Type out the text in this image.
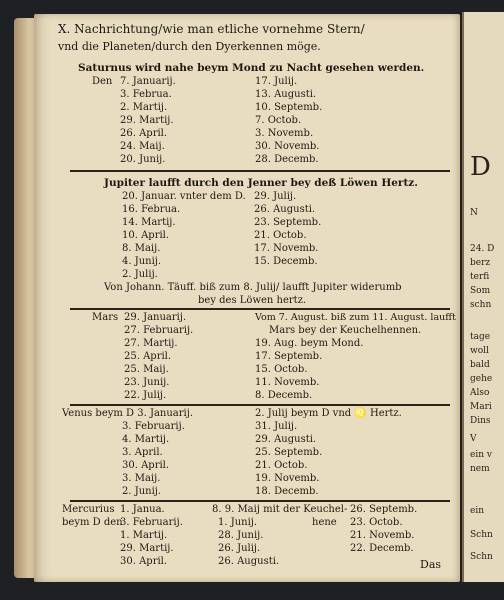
D
N
24. D
berz
terfi
Som
schn
tage
woll
bald
gehe
Also
Mari
Dins
V
ein v
nem
ein
Schn
Schn
X. Nachrichtung/wie man etliche vornehme Stern/
vnd die Planeten/durch den Dyerkennen möge.
Saturnus wird nahe beym Mond zu Nacht gesehen werden.
Den 7. Januarij.
3. Februa.
2. Martij.
29. Martij.
26. April.
24. Maij.
20. Junij.
17. Julij.
13. Augusti.
10. Septemb.
7. Octob.
3. Novemb.
30. Novemb.
28. Decemb.
Jupiter laufft durch den Jenner bey deß Löwen Hertz.
20. Januar. vnter dem D.
16. Februa.
14. Martij.
10. April.
8. Maij.
4. Junij.
2. Julij.
29. Julij.
26. Augusti.
23. Septemb.
21. Octob.
17. Novemb.
15. Decemb.
Von Johann. Täuff. biß zum 8. Julij/ laufft Jupiter widerumb
bey des Löwen hertz.
Mars 29. Januarij.
27. Februarij.
27. Martij.
25. April.
25. Maij.
23. Junij.
22. Julij.
Vom 7. August. biß zum 11. August. laufft
Mars bey der Keuchelhennen.
19. Aug. beym Mond.
17. Septemb.
15. Octob.
11. Novemb.
8. Decemb.
Venus beym D 3. Januarij.
3. Februarij.
4. Martij.
3. April.
30. April.
3. Maij.
2. Junij.
2. Julij beym D vnd ♌ Hertz.
31. Julij.
29. Augusti.
25. Septemb.
21. Octob.
19. Novemb.
18. Decemb.
Mercurius
beym D den
1. Janua.
3. Februarij.
1. Martij.
29. Martij.
30. April.
8. 9. Maij mit der Keuchel-
hene
1. Junij.
28. Junij.
26. Julij.
26. Augusti.
26. Septemb.
23. Octob.
21. Novemb.
22. Decemb.
Das
